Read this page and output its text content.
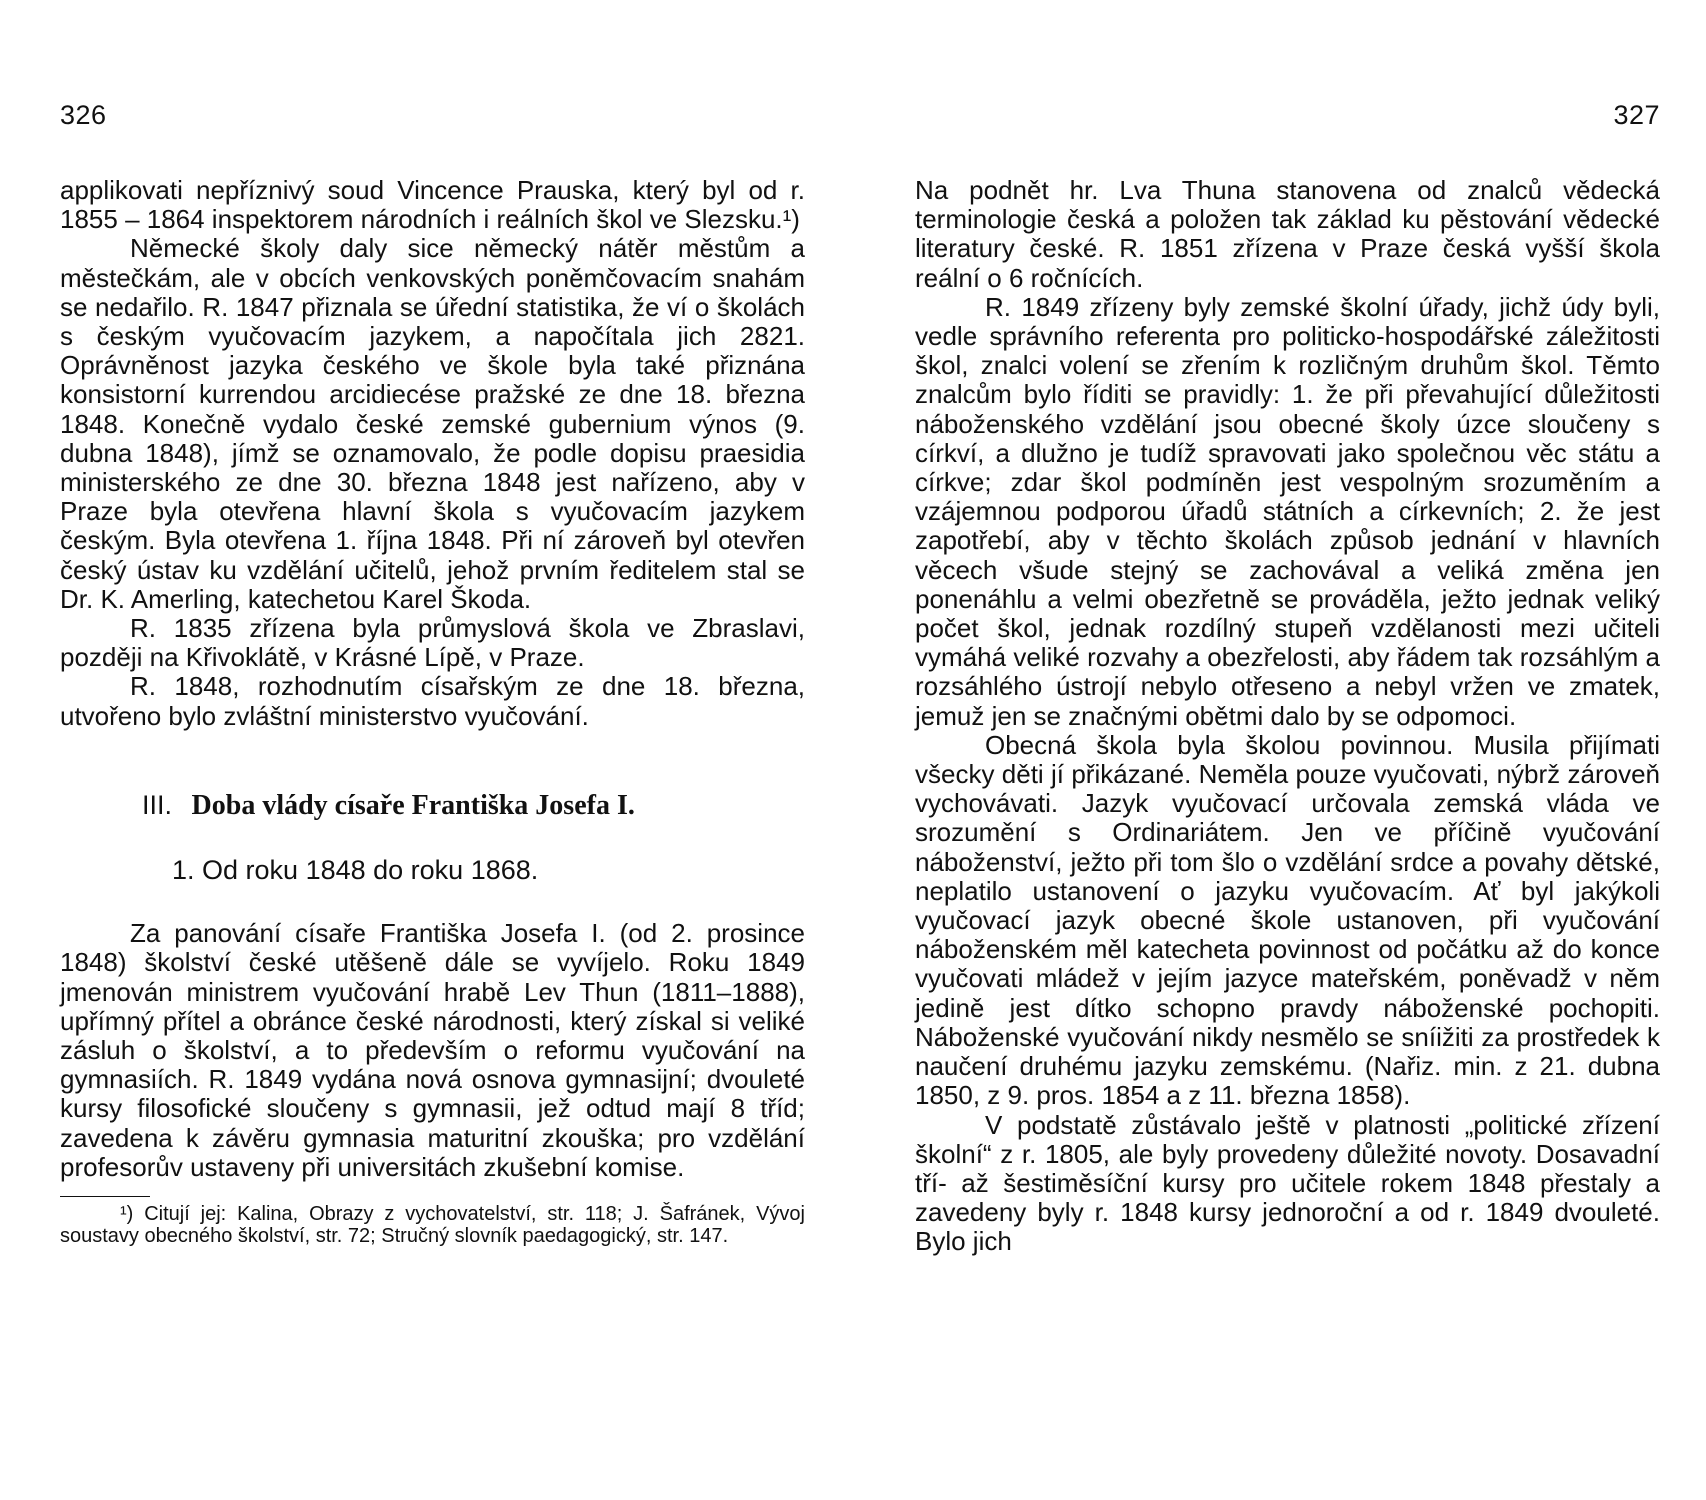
326

applikovati nepříznivý soud Vincence Prauska, který byl od r. 1855 – 1864 inspektorem národních i reálních škol ve Slezsku.¹)

Německé školy daly sice německý nátěr městům a městečkám, ale v obcích venkovských poněmčovacím snahám se nedařilo. R. 1847 přiznala se úřední statistika, že ví o školách s českým vyučovacím jazykem, a napočítala jich 2821. Oprávněnost jazyka českého ve škole byla také přiznána konsistorní kurrendou arcidiecése pražské ze dne 18. března 1848. Konečně vydalo české zemské gubernium výnos (9. dubna 1848), jímž se oznamovalo, že podle dopisu praesidia ministerského ze dne 30. března 1848 jest nařízeno, aby v Praze byla otevřena hlavní škola s vyučovacím jazykem českým. Byla otevřena 1. října 1848. Při ní zároveň byl otevřen český ústav ku vzdělání učitelů, jehož prvním ředitelem stal se Dr. K. Amerling, katechetou Karel Škoda.

R. 1835 zřízena byla průmyslová škola ve Zbraslavi, později na Křivoklátě, v Krásné Lípě, v Praze.

R. 1848, rozhodnutím císařským ze dne 18. března, utvořeno bylo zvláštní ministerstvo vyučování.

III. Doba vlády císaře Františka Josefa I.
1. Od roku 1848 do roku 1868.

Za panování císaře Františka Josefa I. (od 2. prosince 1848) školství české utěšeně dále se vyvíjelo. Roku 1849 jmenován ministrem vyučování hrabě Lev Thun (1811–1888), upřímný přítel a obránce české národnosti, který získal si veliké zásluh o školství, a to především o reformu vyučování na gymnasiích. R. 1849 vydána nová osnova gymnasijní; dvouleté kursy filosofické sloučeny s gymnasii, jež odtud mají 8 tříd; zavedena k závěru gymnasia maturitní zkouška; pro vzdělání profesorův ustaveny při universitách zkušební komise.

¹) Citují jej: Kalina, Obrazy z vychovatelství, str. 118; J. Šafránek, Vývoj soustavy obecného školství, str. 72; Stručný slovník paedagogický, str. 147.
327

Na podnět hr. Lva Thuna stanovena od znalců vědecká terminologie česká a položen tak základ ku pěstování vědecké literatury české. R. 1851 zřízena v Praze česká vyšší škola reální o 6 ročnících.

R. 1849 zřízeny byly zemské školní úřady, jichž údy byli, vedle správního referenta pro politicko-hospodářské záležitosti škol, znalci volení se zřením k rozličným druhům škol. Těmto znalcům bylo říditi se pravidly: 1. že při převahující důležitosti náboženského vzdělání jsou obecné školy úzce sloučeny s církví, a dlužno je tudíž spravovati jako společnou věc státu a církve; zdar škol podmíněn jest vespolným srozuměním a vzájemnou podporou úřadů státních a církevních; 2. že jest zapotřebí, aby v těchto školách způsob jednání v hlavních věcech všude stejný se zachovával a veliká změna jen ponenáhlu a velmi obezřetně se prováděla, ježto jednak veliký počet škol, jednak rozdílný stupeň vzdělanosti mezi učiteli vymáhá veliké rozvahy a obezřelosti, aby řádem tak rozsáhlým a rozsáhlého ústrojí nebylo otřeseno a nebyl vržen ve zmatek, jemuž jen se značnými obětmi dalo by se odpomoci.

Obecná škola byla školou povinnou. Musila přijímati všecky děti jí přikázané. Neměla pouze vyučovati, nýbrž zároveň vychovávati. Jazyk vyučovací určovala zemská vláda ve srozumění s Ordinariátem. Jen ve příčině vyučování náboženství, ježto při tom šlo o vzdělání srdce a povahy dětské, neplatilo ustanovení o jazyku vyučovacím. Ať byl jakýkoli vyučovací jazyk obecné škole ustanoven, při vyučování náboženském měl katecheta povinnost od počátku až do konce vyučovati mládež v jejím jazyce mateřském, poněvadž v něm jedině jest dítko schopno pravdy náboženské pochopiti. Náboženské vyučování nikdy nesmělo se sníižiti za prostředek k naučení druhému jazyku zemskému. (Nařiz. min. z 21. dubna 1850, z 9. pros. 1854 a z 11. března 1858).

V podstatě zůstávalo ještě v platnosti „politické zřízení školní“ z r. 1805, ale byly provedeny důležité novoty. Dosavadní tří- až šestiměsíční kursy pro učitele rokem 1848 přestaly a zavedeny byly r. 1848 kursy jednoroční a od r. 1849 dvouleté. Bylo jich
